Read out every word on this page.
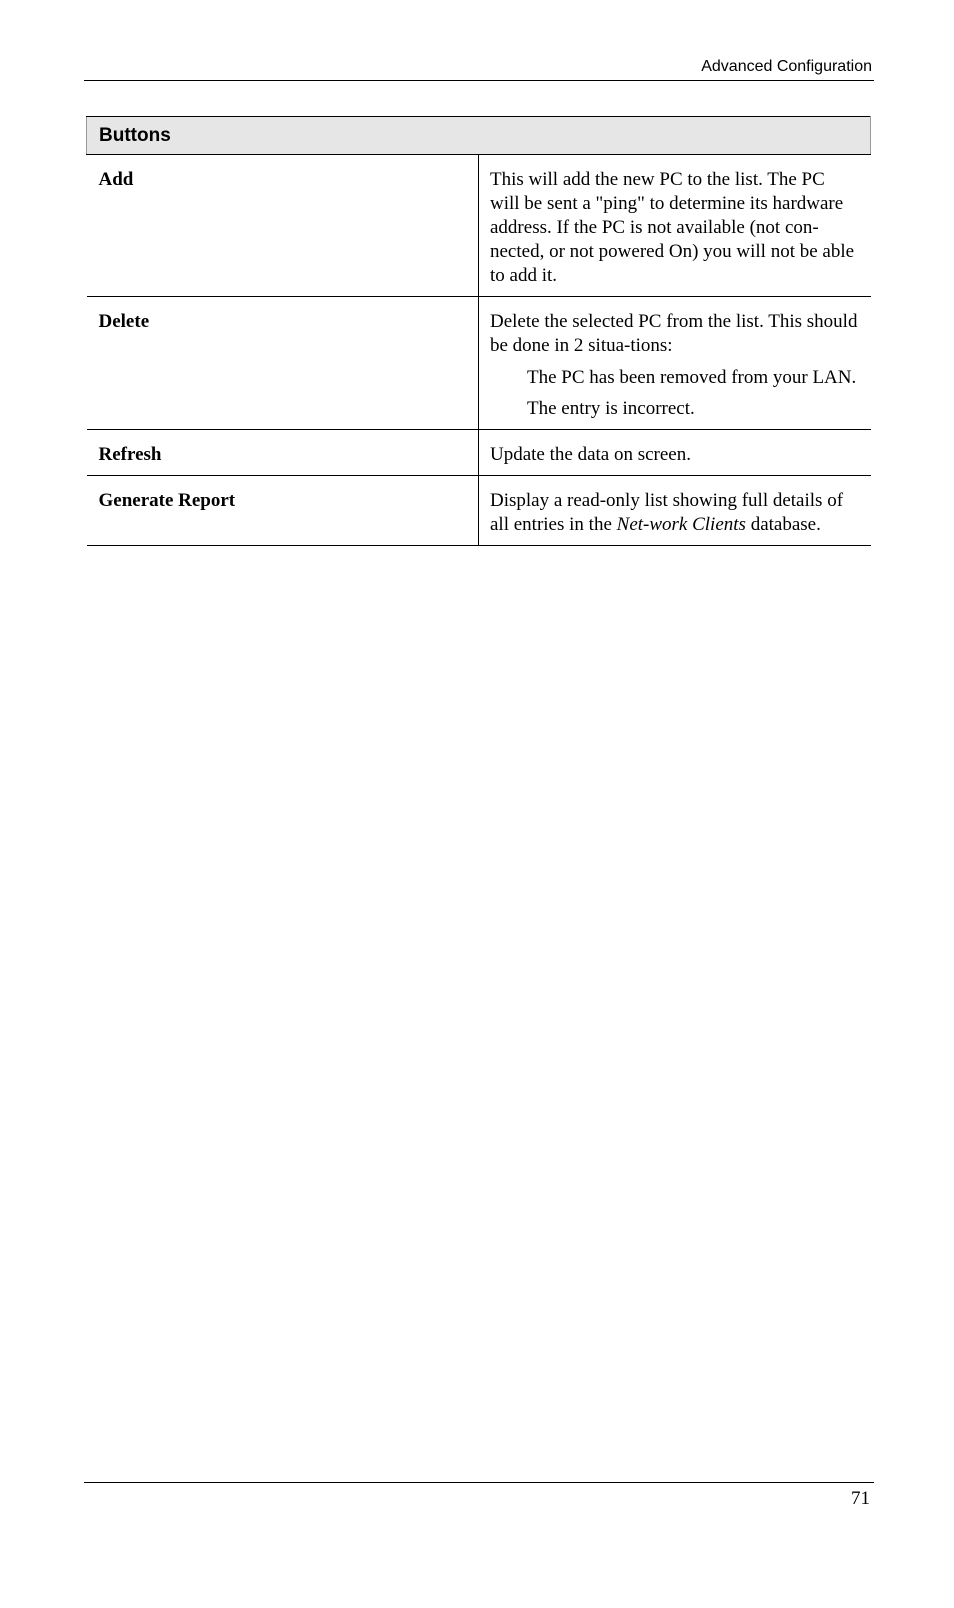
Advanced Configuration
Buttons	
Add	This will add the new PC to the list. The PC will be sent a "ping" to determine its hardware address. If the PC is not available (not con-nected, or not powered On) you will not be able to add it.
Delete	Delete the selected PC from the list. This should be done in 2 situa-tions:
The PC has been removed from your LAN.
The entry is incorrect.

Refresh	Update the data on screen.
Generate Report	Display a read-only list showing full details of all entries in the Net-work Clients database.
71
